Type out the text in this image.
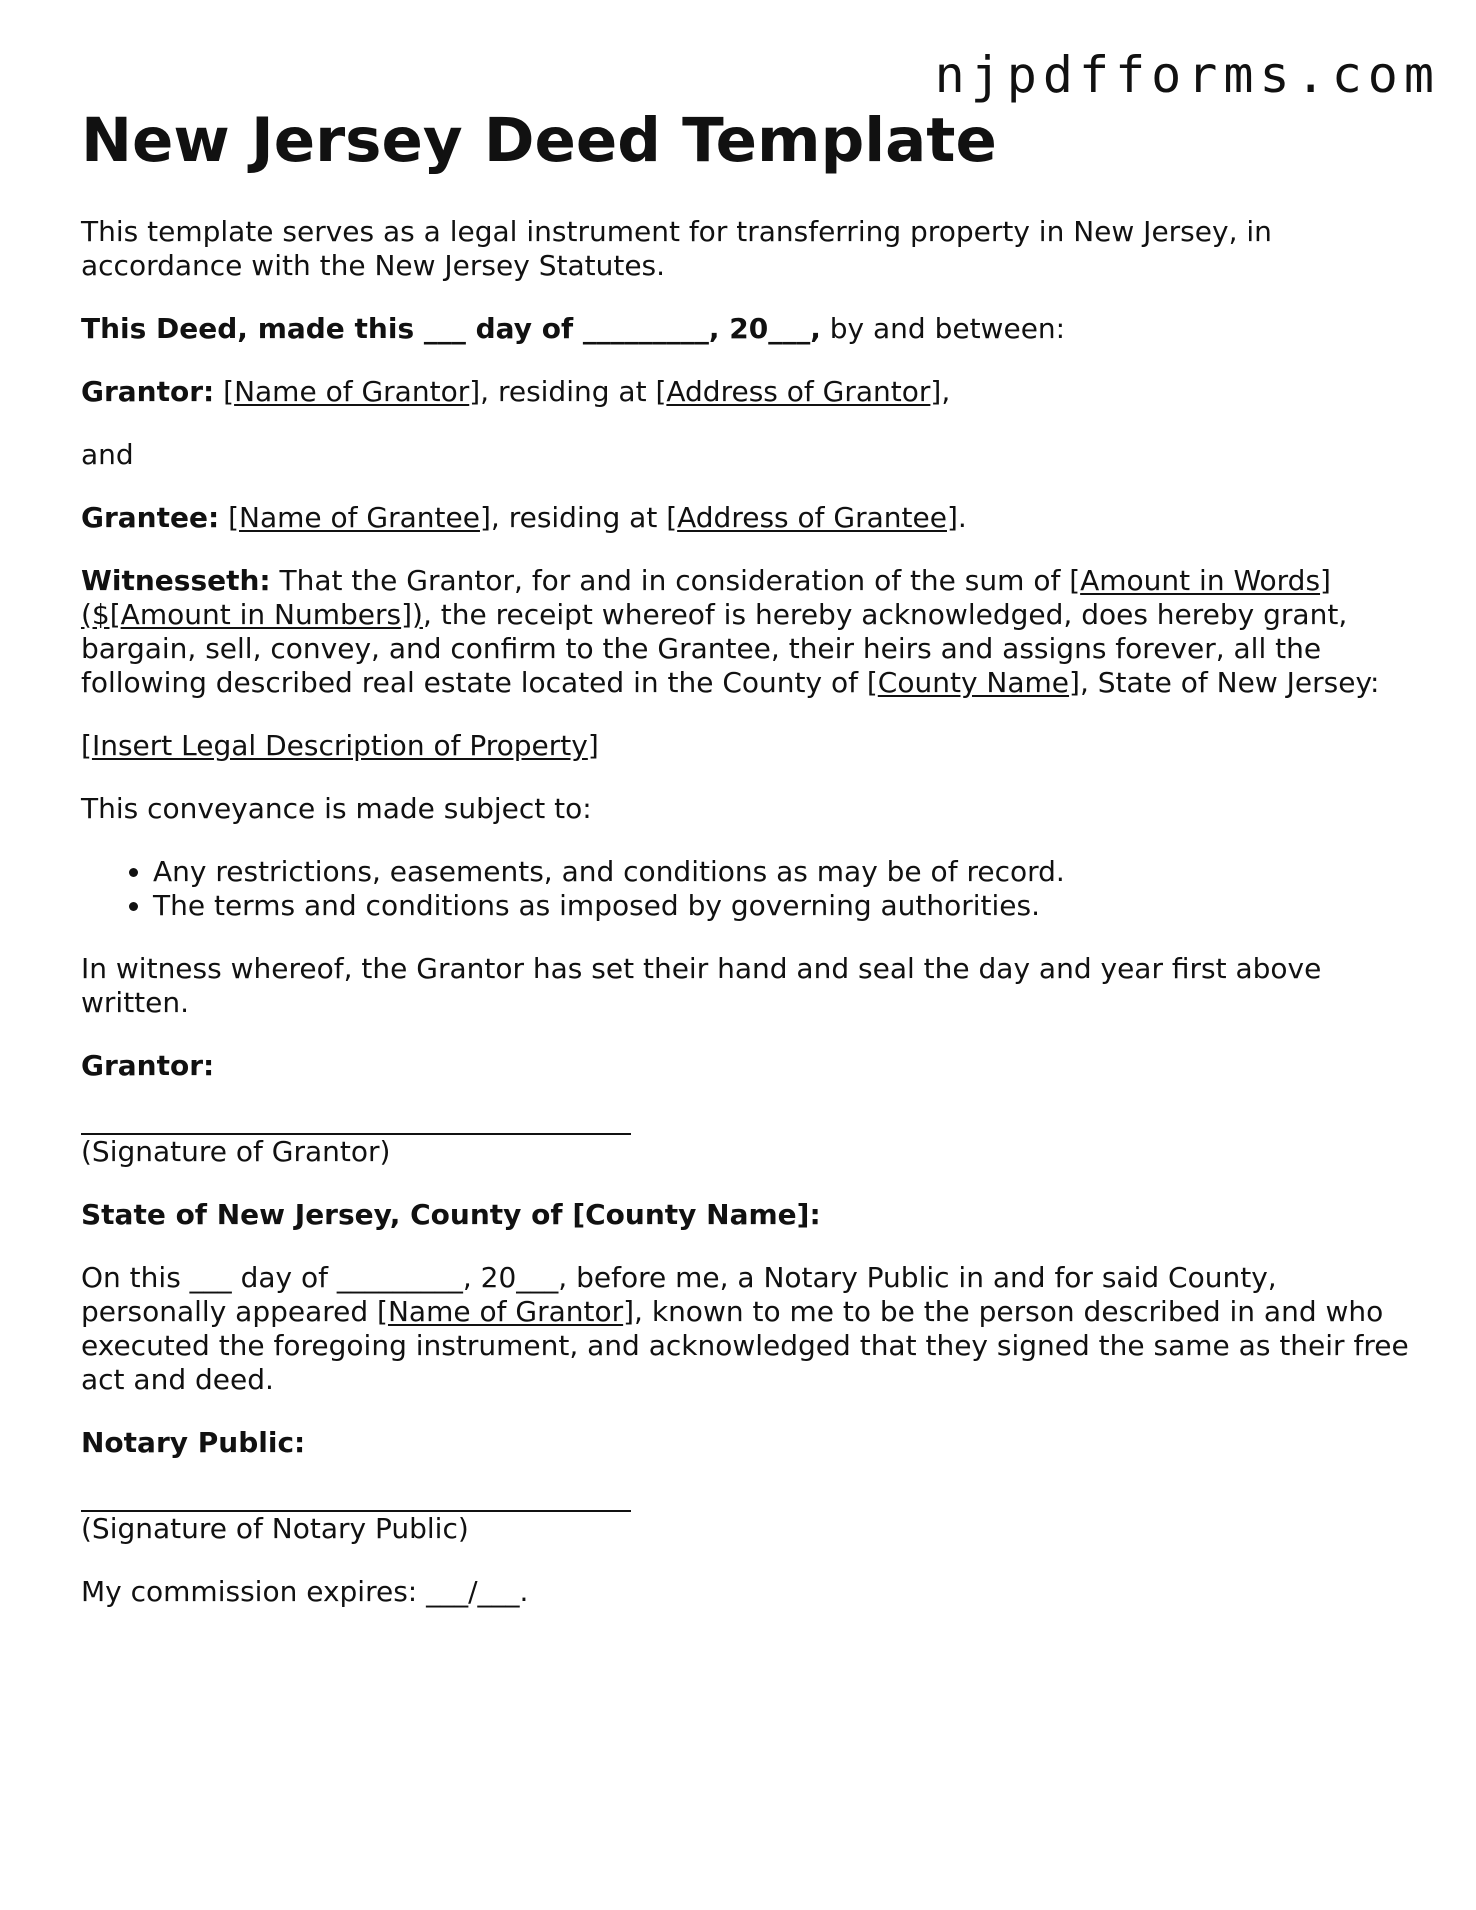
njpdfforms.com
New Jersey Deed Template

This template serves as a legal instrument for transferring property in New Jersey, in accordance with the New Jersey Statutes.

This Deed, made this ___ day of _________, 20___, by and between:

Grantor: [Name of Grantor], residing at [Address of Grantor],

and

Grantee: [Name of Grantee], residing at [Address of Grantee].

Witnesseth: That the Grantor, for and in consideration of the sum of [Amount in Words]
($[Amount in Numbers]), the receipt whereof is hereby acknowledged, does hereby grant, bargain, sell, convey, and confirm to the Grantee, their heirs and assigns forever, all the following described real estate located in the County of [County Name], State of New Jersey:

[Insert Legal Description of Property]

This conveyance is made subject to:

• Any restrictions, easements, and conditions as may be of record.
• The terms and conditions as imposed by governing authorities.

In witness whereof, the Grantor has set their hand and seal the day and year first above written.

Grantor:

(Signature of Grantor)

State of New Jersey, County of [County Name]:

On this ___ day of _________, 20___, before me, a Notary Public in and for said County, personally appeared [Name of Grantor], known to me to be the person described in and who executed the foregoing instrument, and acknowledged that they signed the same as their free act and deed.

Notary Public:

(Signature of Notary Public)

My commission expires: ___/___.
